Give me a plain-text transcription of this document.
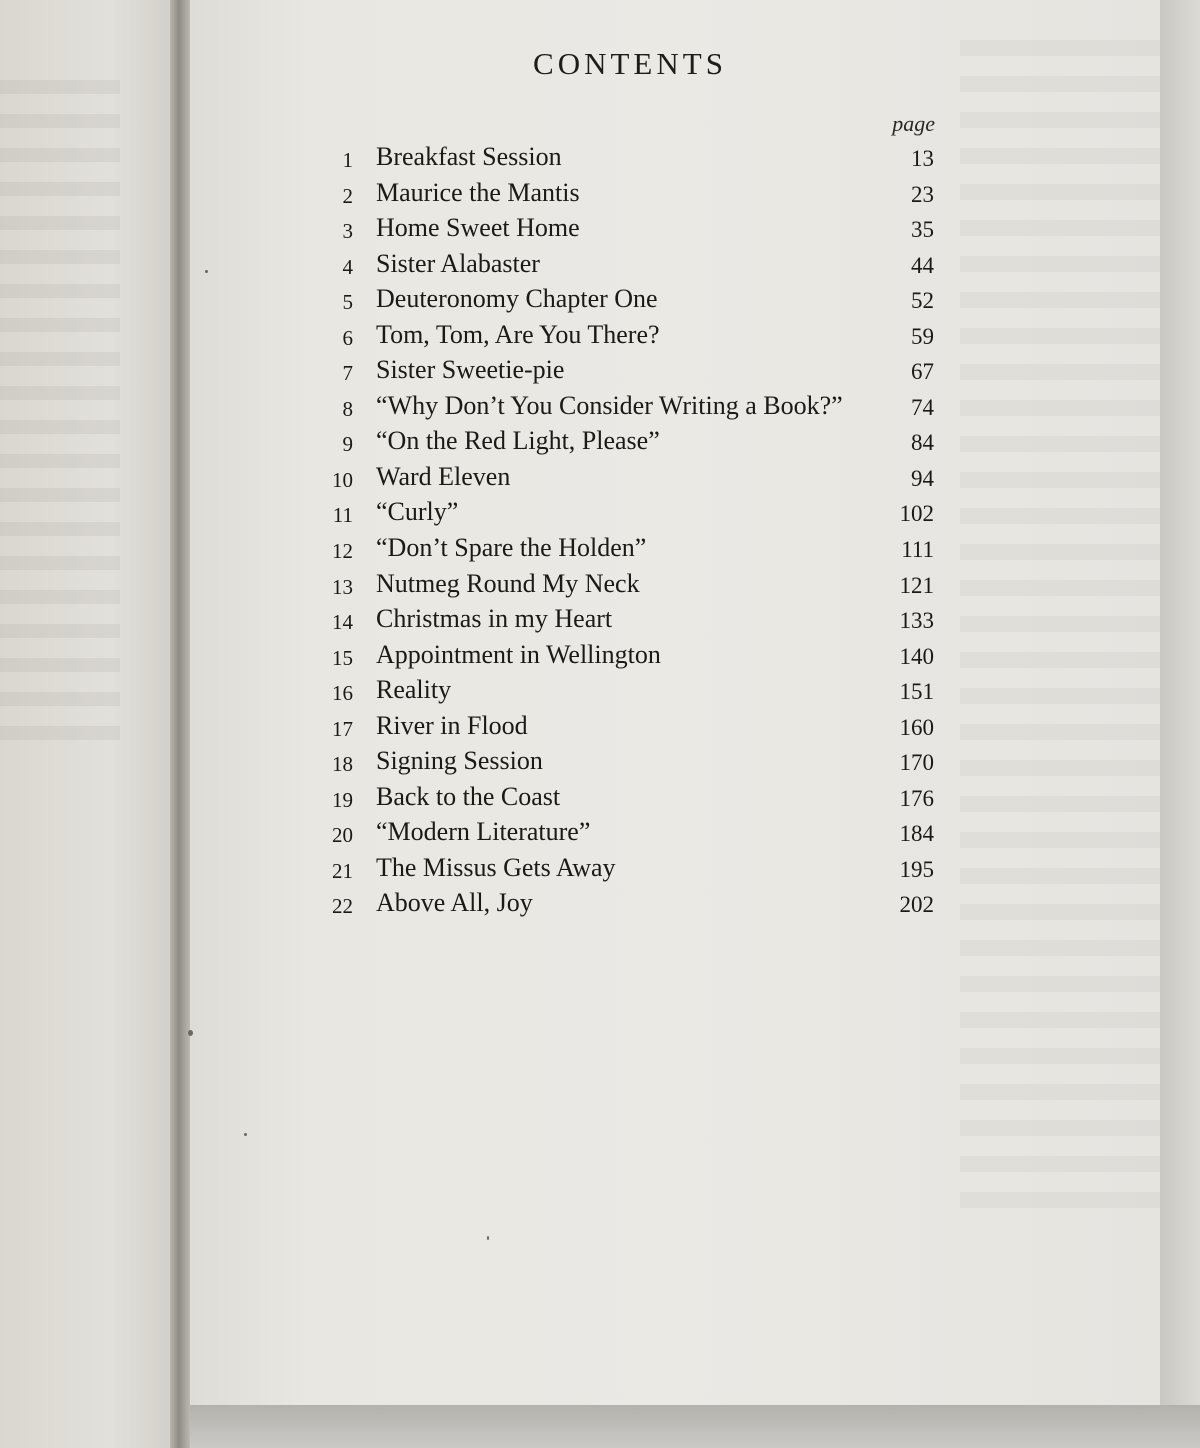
CONTENTS
page
1 Breakfast Session	13
2 Maurice the Mantis	23
3 Home Sweet Home	35
4 Sister Alabaster	44
5 Deuteronomy Chapter One	52
6 Tom, Tom, Are You There?	59
7 Sister Sweetie-pie	67
8 “Why Don’t You Consider Writing a Book?”	74
9 “On the Red Light, Please”	84
10 Ward Eleven	94
11 “Curly”	102
12 “Don’t Spare the Holden”	111
13 Nutmeg Round My Neck	121
14 Christmas in my Heart	133
15 Appointment in Wellington	140
16 Reality	151
17 River in Flood	160
18 Signing Session	170
19 Back to the Coast	176
20 “Modern Literature”	184
21 The Missus Gets Away	195
22 Above All, Joy	202
